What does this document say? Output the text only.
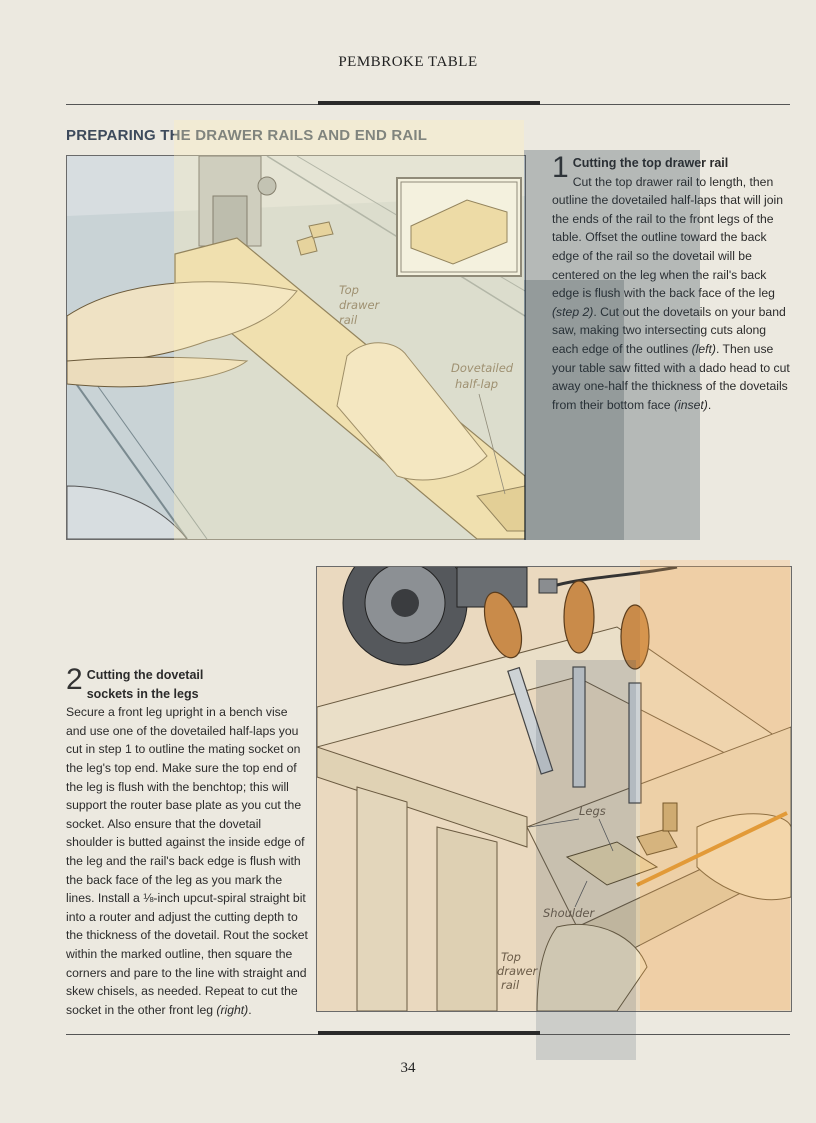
PEMBROKE TABLE
PREPARING THE DRAWER RAILS AND END RAIL
Top
drawer
rail
Dovetailed
half-lap
1 Cutting the top drawer rail
Cut the top drawer rail to length, then outline the dovetailed half-laps that will join the ends of the rail to the front legs of the table. Offset the outline toward the back edge of the rail so the dovetail will be centered on the leg when the rail's back edge is flush with the back face of the leg (step 2). Cut out the dovetails on your band saw, making two intersecting cuts along each edge of the outlines (left). Then use your table saw fitted with a dado head to cut away one-half the thickness of the dovetails from their bottom face (inset).
Legs
Shoulder
Top
drawer
rail
2 Cutting the dovetail
sockets in the legs
Secure a front leg upright in a bench vise and use one of the dovetailed half-laps you cut in step 1 to outline the mating socket on the leg's top end. Make sure the top end of the leg is flush with the benchtop; this will support the router base plate as you cut the socket. Also ensure that the dovetail shoulder is butted against the inside edge of the leg and the rail's back edge is flush with the back face of the leg as you mark the lines. Install a ⅛-inch upcut-spiral straight bit into a router and adjust the cutting depth to the thickness of the dovetail. Rout the socket within the marked outline, then square the corners and pare to the line with straight and skew chisels, as needed. Repeat to cut the socket in the other front leg (right).
34
